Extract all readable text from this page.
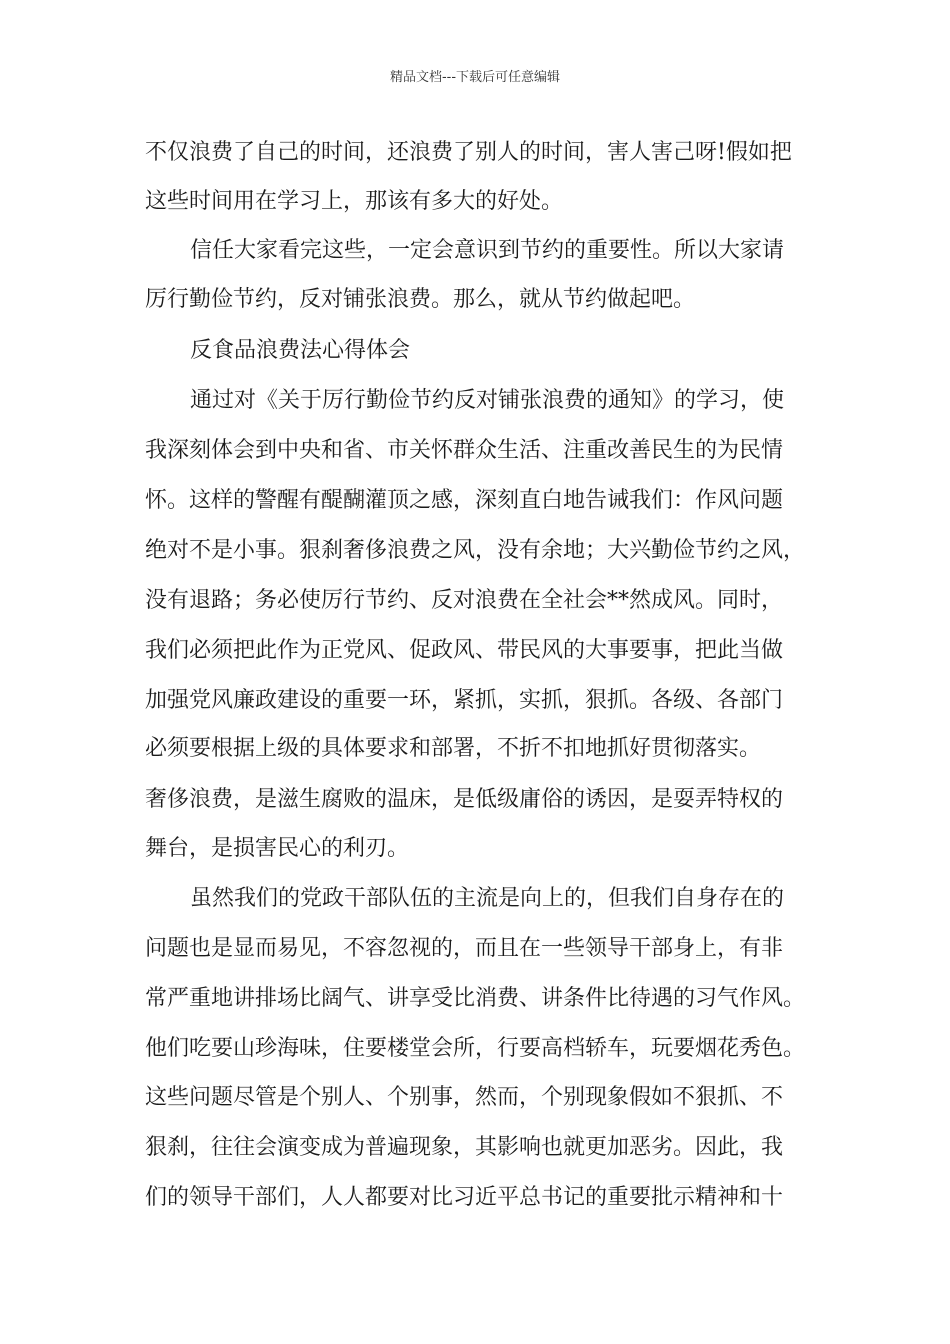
精品文档---下载后可任意编辑
不仅浪费了自己的时间，还浪费了别人的时间，害人害己呀!假如把
这些时间用在学习上，那该有多大的好处。
信任大家看完这些，一定会意识到节约的重要性。所以大家请
厉行勤俭节约，反对铺张浪费。那么，就从节约做起吧。
反食品浪费法心得体会
通过对《关于厉行勤俭节约反对铺张浪费的通知》的学习，使
我深刻体会到中央和省、市关怀群众生活、注重改善民生的为民情
怀。这样的警醒有醍醐灌顶之感，深刻直白地告诫我们：作风问题
绝对不是小事。狠刹奢侈浪费之风，没有余地；大兴勤俭节约之风，
没有退路；务必使厉行节约、反对浪费在全社会**然成风。同时，
我们必须把此作为正党风、促政风、带民风的大事要事，把此当做
加强党风廉政建设的重要一环，紧抓，实抓，狠抓。各级、各部门
必须要根据上级的具体要求和部署，不折不扣地抓好贯彻落实。
奢侈浪费，是滋生腐败的温床，是低级庸俗的诱因，是耍弄特权的
舞台，是损害民心的利刃。
虽然我们的党政干部队伍的主流是向上的，但我们自身存在的
问题也是显而易见，不容忽视的，而且在一些领导干部身上，有非
常严重地讲排场比阔气、讲享受比消费、讲条件比待遇的习气作风。
他们吃要山珍海味，住要楼堂会所，行要高档轿车，玩要烟花秀色。
这些问题尽管是个别人、个别事，然而，个别现象假如不狠抓、不
狠刹，往往会演变成为普遍现象，其影响也就更加恶劣。因此，我
们的领导干部们，人人都要对比习近平总书记的重要批示精神和十
